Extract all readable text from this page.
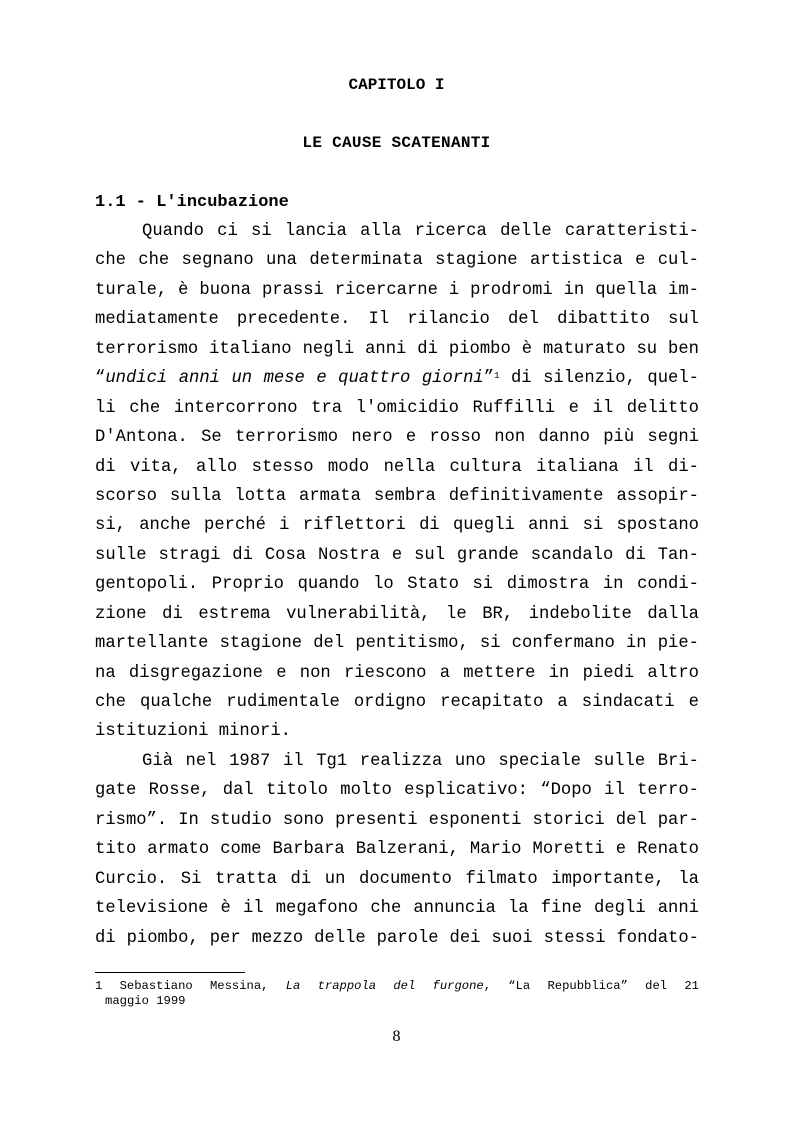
CAPITOLO I
LE CAUSE SCATENANTI
1.1 - L'incubazione
Quando ci si lancia alla ricerca delle caratteristi-
che che segnano una determinata stagione artistica e cul-
turale, è buona prassi ricercarne i prodromi in quella im-
mediatamente precedente. Il rilancio del dibattito sul
terrorismo italiano negli anni di piombo è maturato su ben
“undici anni un mese e quattro giorni”$^1$ di silenzio, quel-
li che intercorrono tra l'omicidio Ruffilli e il delitto
D'Antona. Se terrorismo nero e rosso non danno più segni
di vita, allo stesso modo nella cultura italiana il di-
scorso sulla lotta armata sembra definitivamente assopir-
si, anche perché i riflettori di quegli anni si spostano
sulle stragi di Cosa Nostra e sul grande scandalo di Tan-
gentopoli. Proprio quando lo Stato si dimostra in condi-
zione di estrema vulnerabilità, le BR, indebolite dalla
martellante stagione del pentitismo, si confermano in pie-
na disgregazione e non riescono a mettere in piedi altro
che qualche rudimentale ordigno recapitato a sindacati e
istituzioni minori.
Già nel 1987 il Tg1 realizza uno speciale sulle Bri-
gate Rosse, dal titolo molto esplicativo: “Dopo il terro-
rismo”. In studio sono presenti esponenti storici del par-
tito armato come Barbara Balzerani, Mario Moretti e Renato
Curcio. Si tratta di un documento filmato importante, la
televisione è il megafono che annuncia la fine degli anni
di piombo, per mezzo delle parole dei suoi stessi fondato-
1 Sebastiano Messina, La trappola del furgone, “La Repubblica” del 21
maggio 1999
8
